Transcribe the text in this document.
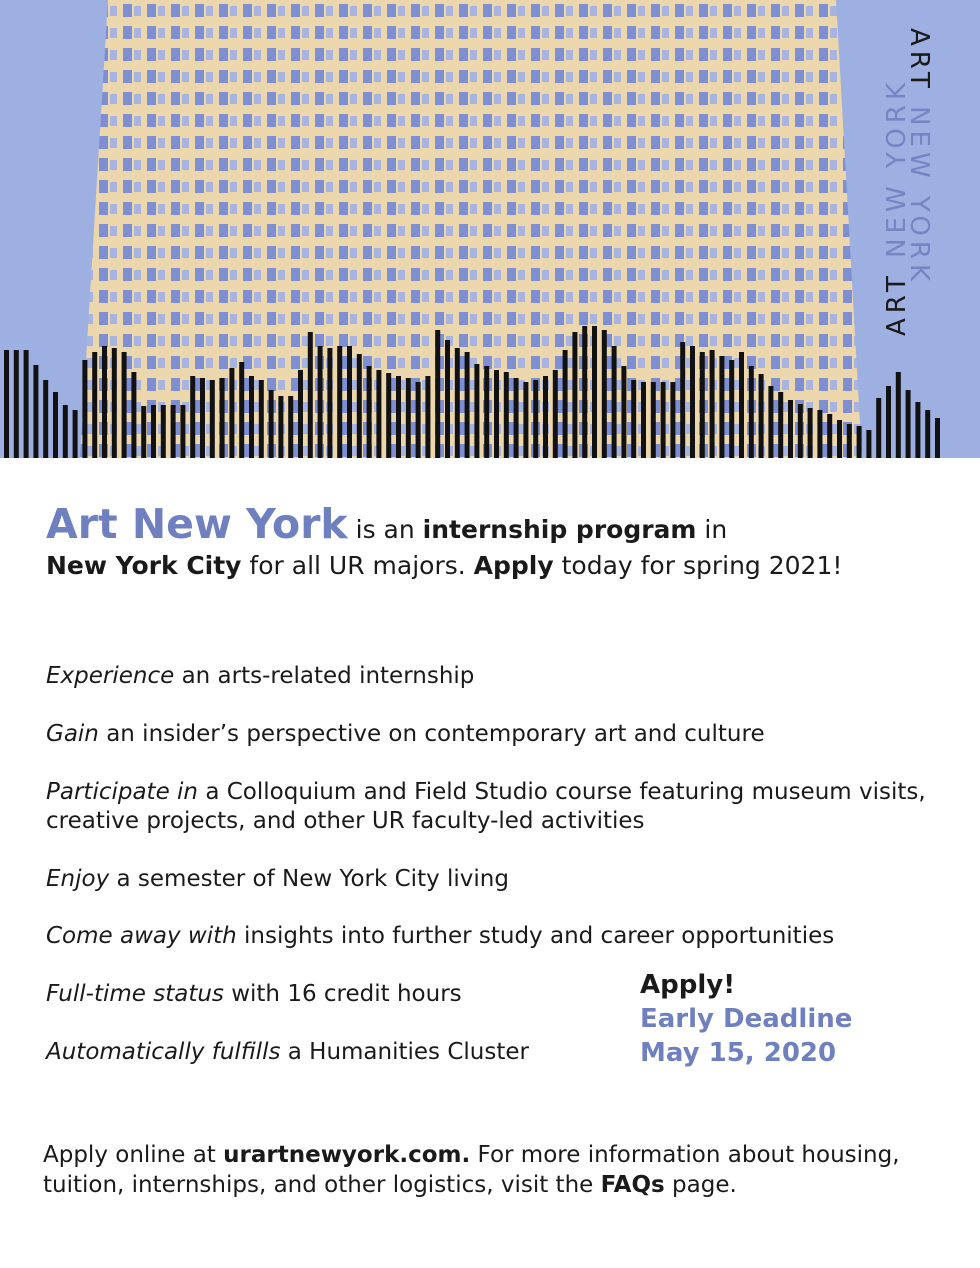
ART NEW YORK
ART NEW YORK
Art New York is an internship program in
New York City for all UR majors. Apply today for spring 2021!
Experience an arts-related internship
Gain an insider’s perspective on contemporary art and culture
Participate in a Colloquium and Field Studio course featuring museum visits, creative projects, and other UR faculty-led activities
Enjoy a semester of New York City living
Come away with insights into further study and career opportunities
Full-time status with 16 credit hours
Automatically fulfills a Humanities Cluster
Apply!
Early Deadline
May 15, 2020
Apply online at urartnewyork.com. For more information about housing, tuition, internships, and other logistics, visit the FAQs page.
